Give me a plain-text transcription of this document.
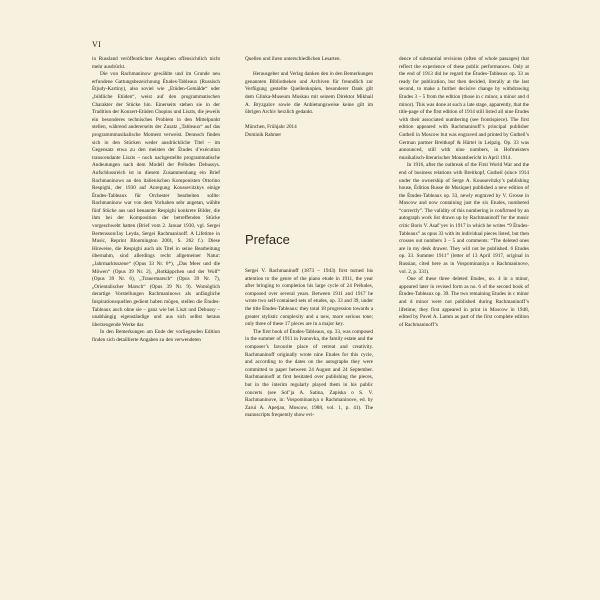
VI

in Russland veröffentlichter Ausgaben offensichtlich nicht mehr ausdrückt.

Die von Rachmaninow gewählte und im Grunde neu erfundene Gattungsbezeichnung Études-Tableaux (Russisch Étjudy-Kartiny), also soviel wie „Etüden-Gemälde“ oder „bildliche Etüden“, weist auf den programmatischen Charakter der Stücke hin. Einerseits stehen sie in der Tradition der Konzert-Etüden Chopins und Liszts, die jeweils ein besonderes technisches Problem in den Mittelpunkt stellen, während andererseits der Zusatz „Tableaux“ auf das programmmusikalische Moment verweist. Dennoch finden sich in den Stücken weder ausdrückliche Titel – im Gegensatz etwa zu den meisten der Études d’exécution transcendante Liszts – noch nachgestellte programmatische Andeutungen nach dem Modell der Préludes Debussys. Aufschlussreich ist in diesem Zusammenhang ein Brief Rachmaninows an den italienischen Komponisten Ottorino Respighi, der 1930 auf Anregung Koussevitzkys einige Études-Tableaux für Orchester bearbeiten sollte: Rachmaninow war von dem Vorhaben sehr angetan, wählte fünf Stücke aus und benannte Respighi konkrete Bilder, die ihm bei der Komposition der betreffenden Stücke vorgeschwebt hatten (Brief vom 2. Januar 1930, vgl. Sergei Bertensson/Jay Leyda, Sergei Rachmaninoff. A Lifetime in Music, Reprint Bloomington 2001, S. 262 f.). Diese Hinweise, die Respighi auch als Titel in seine Bearbeitung übernahm, sind allerdings recht allgemeiner Natur: „Jahrmarktsszene“ (Opus 33 Nr. 6*), „Das Meer und die Möwen“ (Opus 39 Nr. 2), „Rotkäppchen und der Wolf“ (Opus 39 Nr. 6), „Trauermarsch“ (Opus 39 Nr. 7), „Orientalischer Marsch“ (Opus 39 Nr. 9). Womöglich derartige Vorstellungen Rachmaninows als anfängliche Inspirationsquellen gedient haben mögen, stellen die Études-Tableaux auch ohne sie – ganz wie bei Liszt und Debussy – unabhängig eigenständige und aus sich selbst heraus überzeugende Werke dar.

In den Bemerkungen am Ende der vorliegenden Edition finden sich detaillierte Angaben zu den verwendeten

Quellen und ihren unterschiedlichen Lesarten.

Herausgeber und Verlag danken den in den Bemerkungen genannten Bibliotheken und Archiven für freundlich zur Verfügung gestellte Quellenkopien, besonderer Dank gilt dem Glinka-Museum Moskau mit seinem Direktor Mikhail A. Bryzgalov sowie die Anbietungsweise keine gilt im übrigen Archiv herzlich gedankt.

München, Frühjahr 2014
Dominik Rahmer

Preface

Sergei V. Rachmaninoff (1873 – 1943) first turned his attention to the genre of the piano etude in 1911, the year after bringing to completion his large cycle of 24 Préludes, composed over several years. Between 1911 and 1917 he wrote two self-contained sets of etudes, op. 33 and 39, under the title Études-Tableaux: they total 18 progression towards a greater stylistic complexity and a new, more serious tone; only three of these 17 pieces are in a major key.

The first book of Études-Tableaux, op. 33, was composed in the summer of 1911 in Ivanovka, the family estate and the composer’s favourite place of retreat and creativity. Rachmaninoff originally wrote nine Etudes for this cycle, and according to the dates on the autographs they were committed to paper between 24 August and 24 September. Rachmaninoff at first hesitated over publishing the pieces, but in the interim regularly played them in his public concerts (see Sof’ja A. Satina, Zapiska o S. V. Rachmaninove, in: Vospominaniya o Rachmaninove, ed. by Zarui A. Apetjan, Moscow, 1988, vol. 1, p. 41). The manuscripts frequently show evi-

dence of substantial revisions (often of whole passages) that reflect the experience of these public performances. Only at the end of 1913 did he regard the Études-Tableaux op. 33 as ready for publication, but then decided, literally at the last second, to make a further decisive change by withdrawing Etudes 3 – 5 from the edition (those in c minor, a minor and d minor). This was done at such a late stage, apparently, that the title-page of the first edition of 1914 still listed all nine Etudes with their associated numbering (see frontispiece). The first edition appeared with Rachmaninoff’s principal publisher Gutheil in Moscow but was engraved and printed by Gutheil’s German partner Breitkopf & Härtel in Leipzig. Op. 33 was announced, still with nine numbers, in Hofmeisters musikalisch-literarischer Monatsbericht in April 1914.

In 1916, after the outbreak of the First World War and the end of business relations with Breitkopf, Gutheil (since 1914 under the ownership of Serge A. Koussevitzky’s publishing house, Édition Russe de Musique) published a new edition of the Études-Tableaux op. 33, newly engraved by V. Grosse in Moscow and now containing just the six Etudes, numbered “correctly”. The validity of this numbering is confirmed by an autograph work list drawn up by Rachmaninoff for the music critic Boris V. Asaf’yev in 1917 in which he writes “9 Études-Tableaux” as opus 33 with its individual pieces listed, but then crosses out numbers 3 – 5 and comments: “The deleted ones are in my desk drawer. They will not be published. 6 Etudes op. 33. Summer 1911” (letter of 13 April 1917, original in Russian, cited here as in Vospominaniya o Rachmaninove, vol. 2, p. 331).

One of these three deleted Etudes, no. 4 in a minor, appeared later in revised form as no. 6 of the second book of Études-Tableaux op. 39. The two remaining Etudes in c minor and d minor were not published during Rachmaninoff’s lifetime; they first appeared in print in Moscow in 1948, edited by Pavel A. Lamm as part of the first complete edition of Rachmaninoff’s
